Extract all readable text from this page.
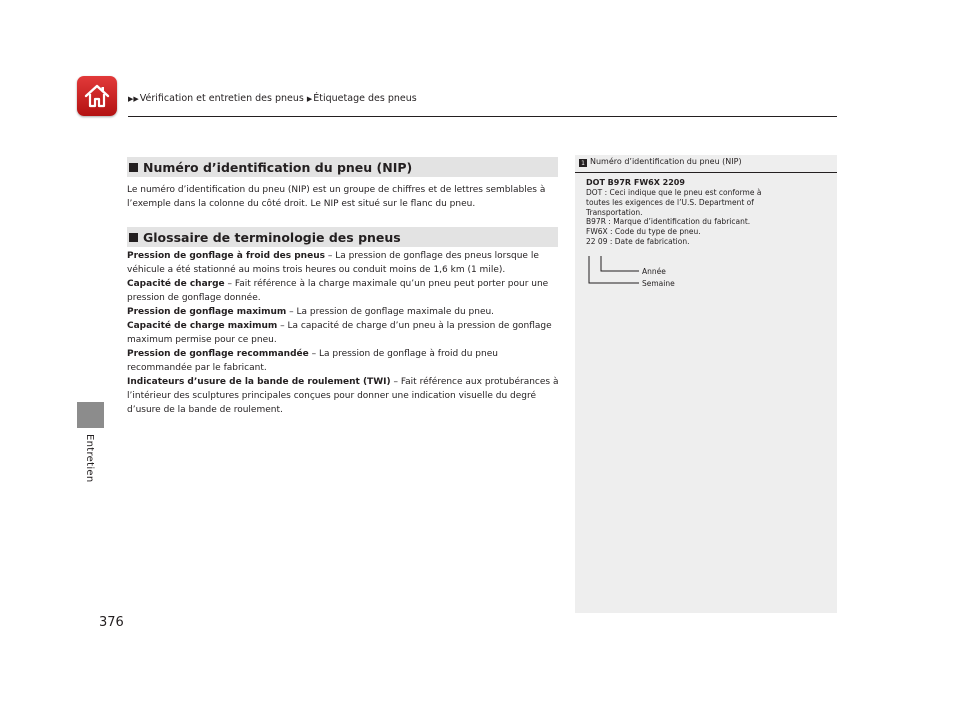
▶▶ Vérification et entretien des pneus ▶ Étiquetage des pneus
Entretien
376
Numéro d’identification du pneu (NIP)

Le numéro d’identification du pneu (NIP) est un groupe de chiffres et de lettres semblables à l’exemple dans la colonne du côté droit. Le NIP est situé sur le flanc du pneu.

Glossaire de terminologie des pneus
Pression de gonflage à froid des pneus – La pression de gonflage des pneus lorsque le véhicule a été stationné au moins trois heures ou conduit moins de 1,6 km (1 mile).
Capacité de charge – Fait référence à la charge maximale qu’un pneu peut porter pour une pression de gonflage donnée.
Pression de gonflage maximum – La pression de gonflage maximale du pneu.
Capacité de charge maximum – La capacité de charge d’un pneu à la pression de gonflage maximum permise pour ce pneu.
Pression de gonflage recommandée – La pression de gonflage à froid du pneu recommandée par le fabricant.
Indicateurs d’usure de la bande de roulement (TWI) – Fait référence aux protubérances à l’intérieur des sculptures principales conçues pour donner une indication visuelle du degré d’usure de la bande de roulement.
1 Numéro d’identification du pneu (NIP)
DOT B97R FW6X 2209
DOT : Ceci indique que le pneu est conforme à
toutes les exigences de l’U.S. Department of
Transportation.
B97R : Marque d’identification du fabricant.
FW6X : Code du type de pneu.
22 09 : Date de fabrication.
Année
Semaine
